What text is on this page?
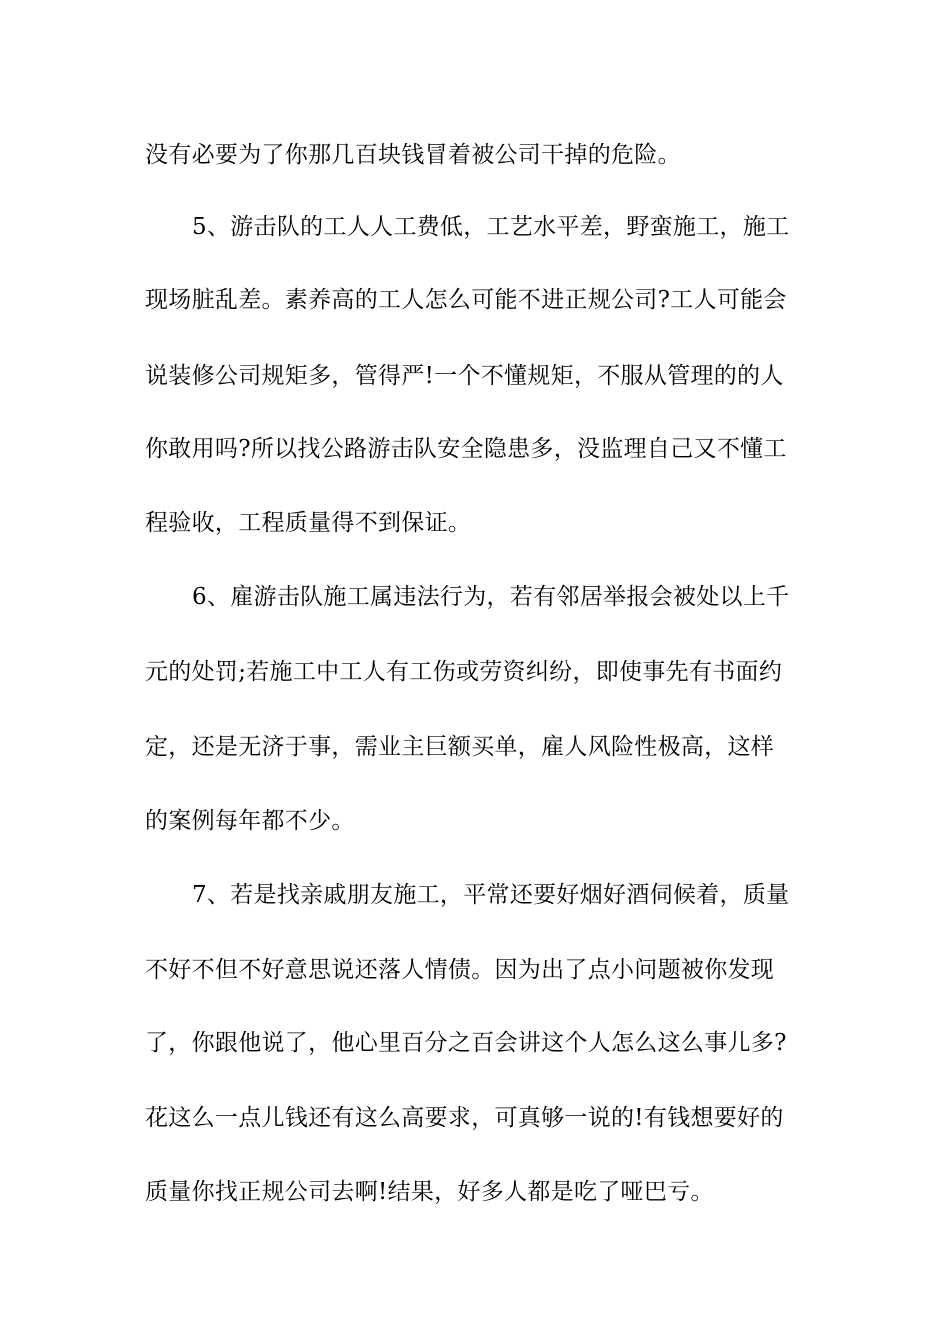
没有必要为了你那几百块钱冒着被公司干掉的危险。
5、游击队的工人人工费低，工艺水平差，野蛮施工，施工
现场脏乱差。素养高的工人怎么可能不进正规公司?工人可能会
说装修公司规矩多，管得严!一个不懂规矩，不服从管理的的人
你敢用吗?所以找公路游击队安全隐患多，没监理自己又不懂工
程验收，工程质量得不到保证。
6、雇游击队施工属违法行为，若有邻居举报会被处以上千
元的处罚;若施工中工人有工伤或劳资纠纷，即使事先有书面约
定，还是无济于事，需业主巨额买单，雇人风险性极高，这样
的案例每年都不少。
7、若是找亲戚朋友施工，平常还要好烟好酒伺候着，质量
不好不但不好意思说还落人情债。因为出了点小问题被你发现
了，你跟他说了，他心里百分之百会讲这个人怎么这么事儿多?
花这么一点儿钱还有这么高要求，可真够一说的!有钱想要好的
质量你找正规公司去啊!结果，好多人都是吃了哑巴亏。
